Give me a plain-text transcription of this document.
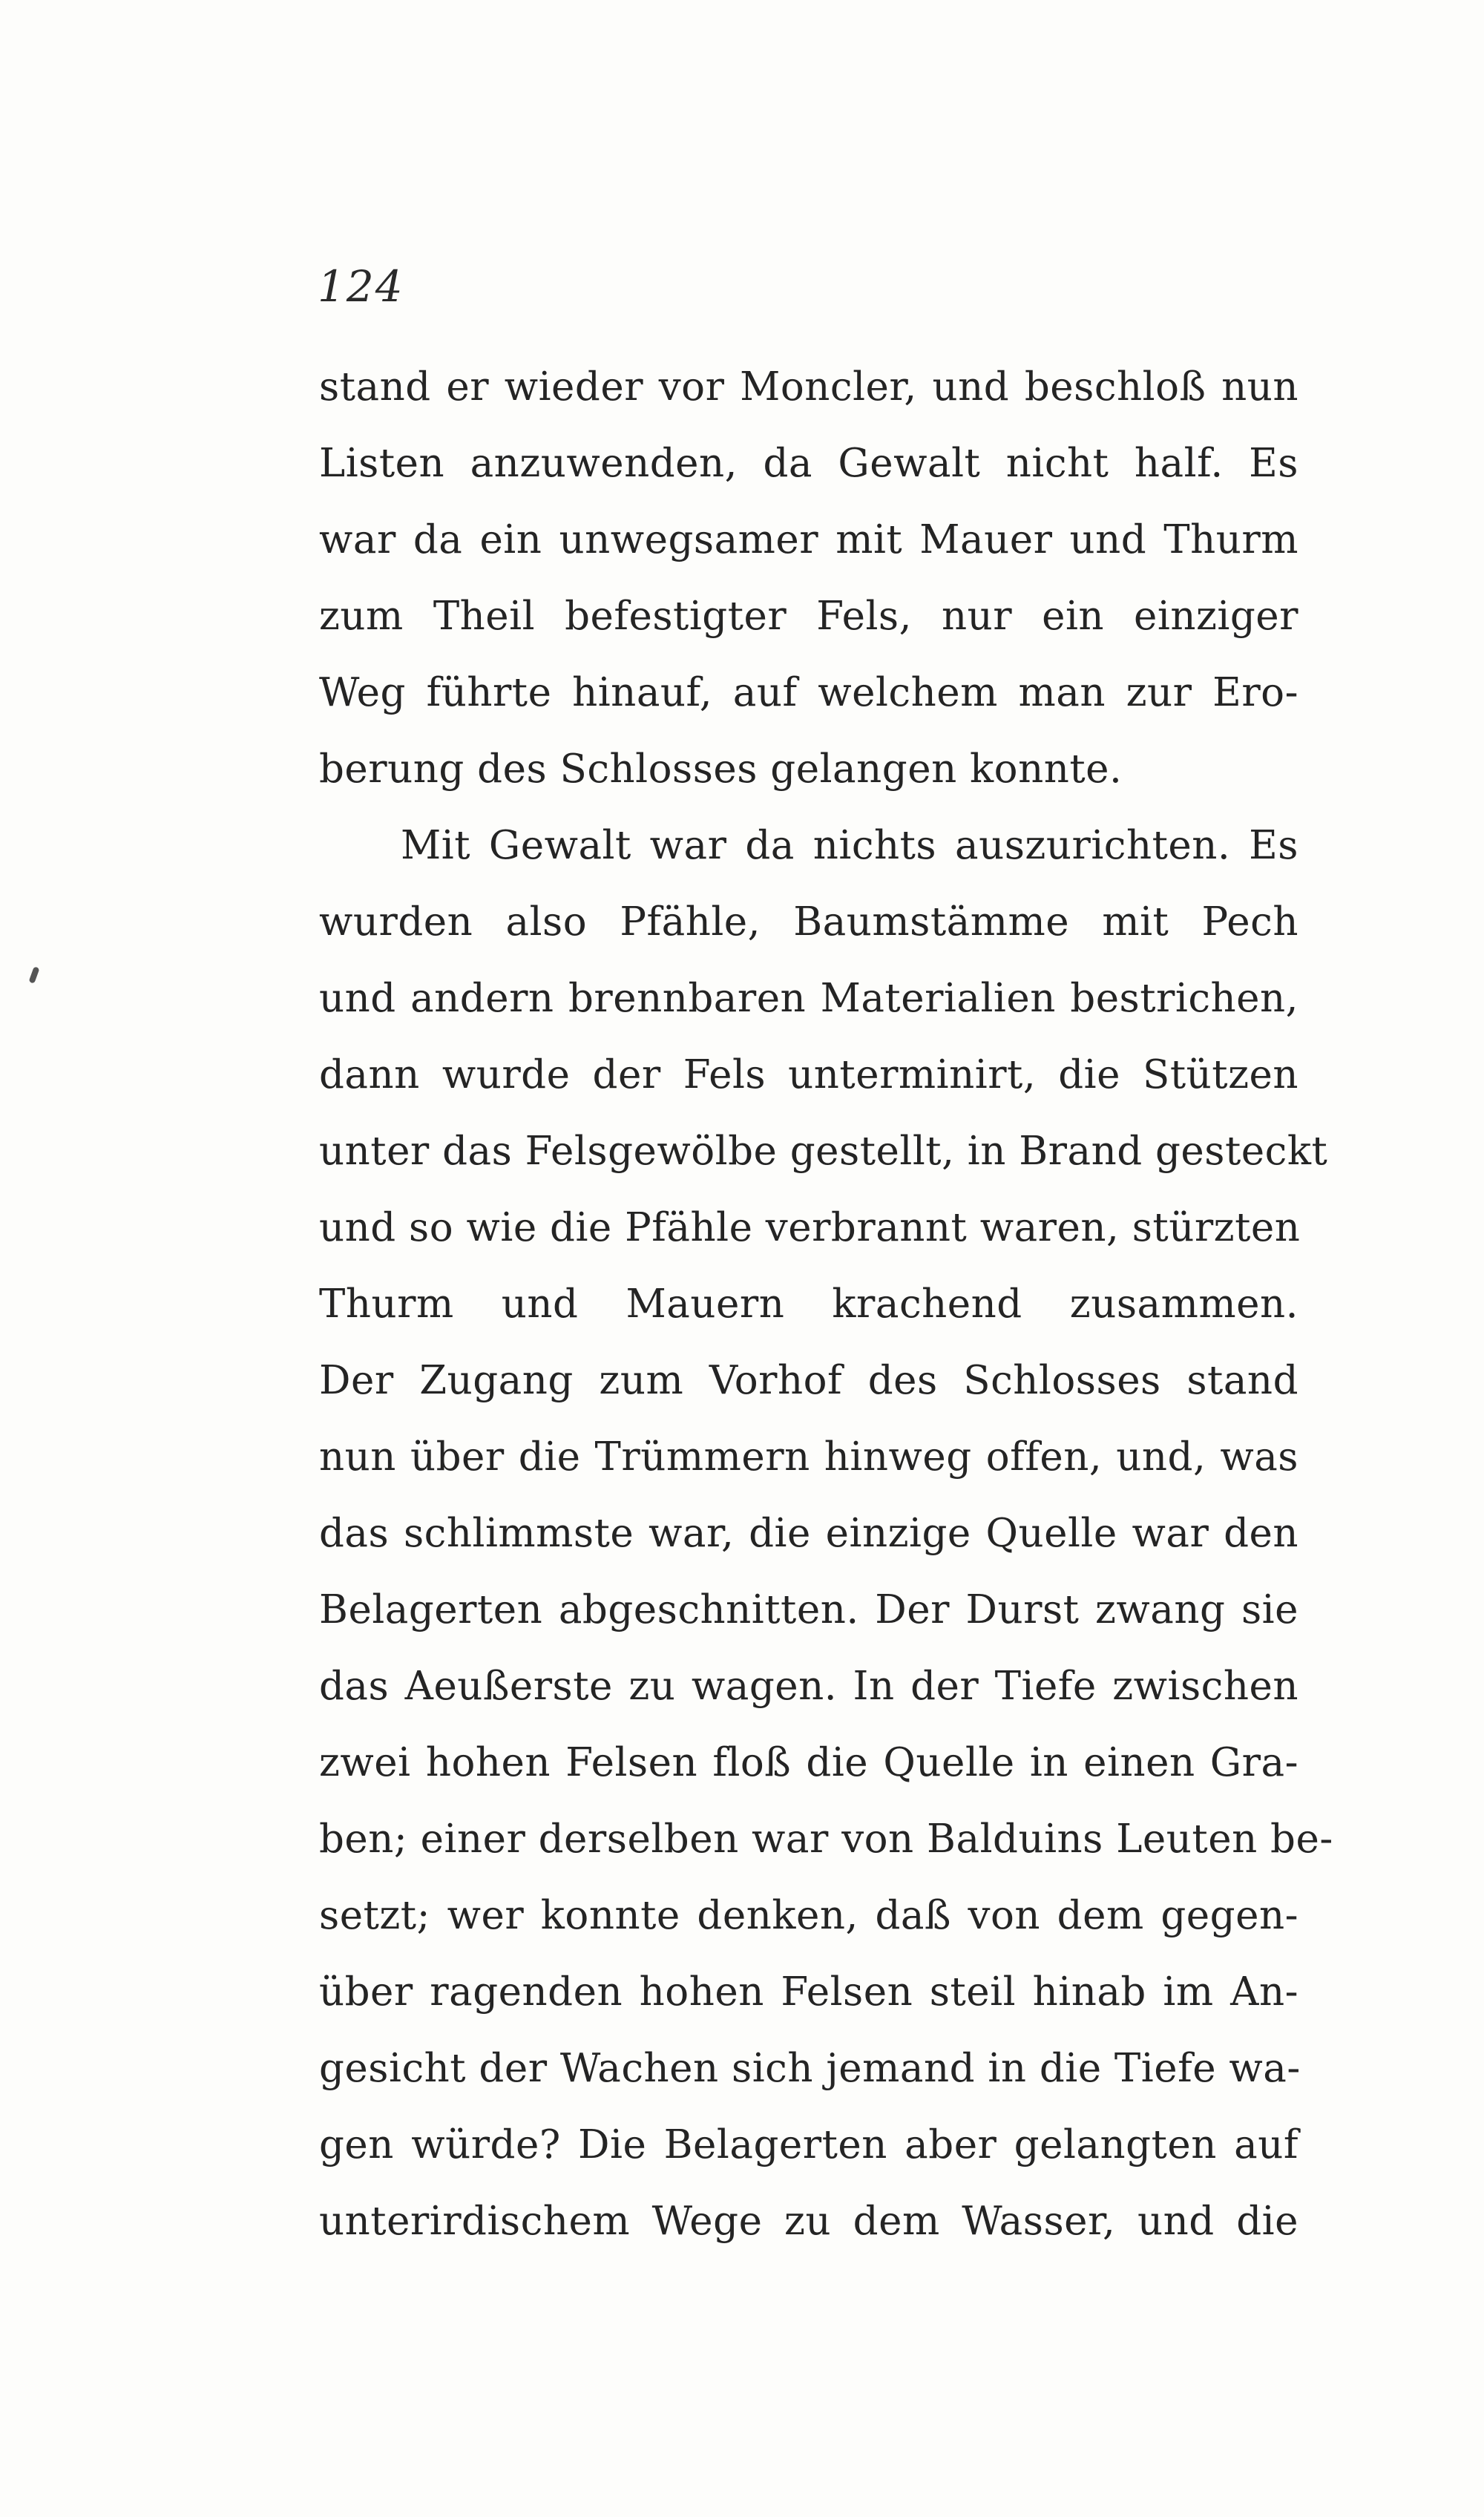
124
stand er wieder vor Moncler, und beschloß nun
Listen anzuwenden, da Gewalt nicht half. Es
war da ein unwegsamer mit Mauer und Thurm
zum Theil befestigter Fels, nur ein einziger
Weg führte hinauf, auf welchem man zur Ero-
berung des Schlosses gelangen konnte.
Mit Gewalt war da nichts auszurichten. Es
wurden also Pfähle, Baumstämme mit Pech
und andern brennbaren Materialien bestrichen,
dann wurde der Fels unterminirt, die Stützen
unter das Felsgewölbe gestellt, in Brand gesteckt
und so wie die Pfähle verbrannt waren, stürzten
Thurm und Mauern krachend zusammen.
Der Zugang zum Vorhof des Schlosses stand
nun über die Trümmern hinweg offen, und, was
das schlimmste war, die einzige Quelle war den
Belagerten abgeschnitten. Der Durst zwang sie
das Aeußerste zu wagen. In der Tiefe zwischen
zwei hohen Felsen floß die Quelle in einen Gra-
ben; einer derselben war von Balduins Leuten be-
setzt; wer konnte denken, daß von dem gegen-
über ragenden hohen Felsen steil hinab im An-
gesicht der Wachen sich jemand in die Tiefe wa-
gen würde? Die Belagerten aber gelangten auf
unterirdischem Wege zu dem Wasser, und die
